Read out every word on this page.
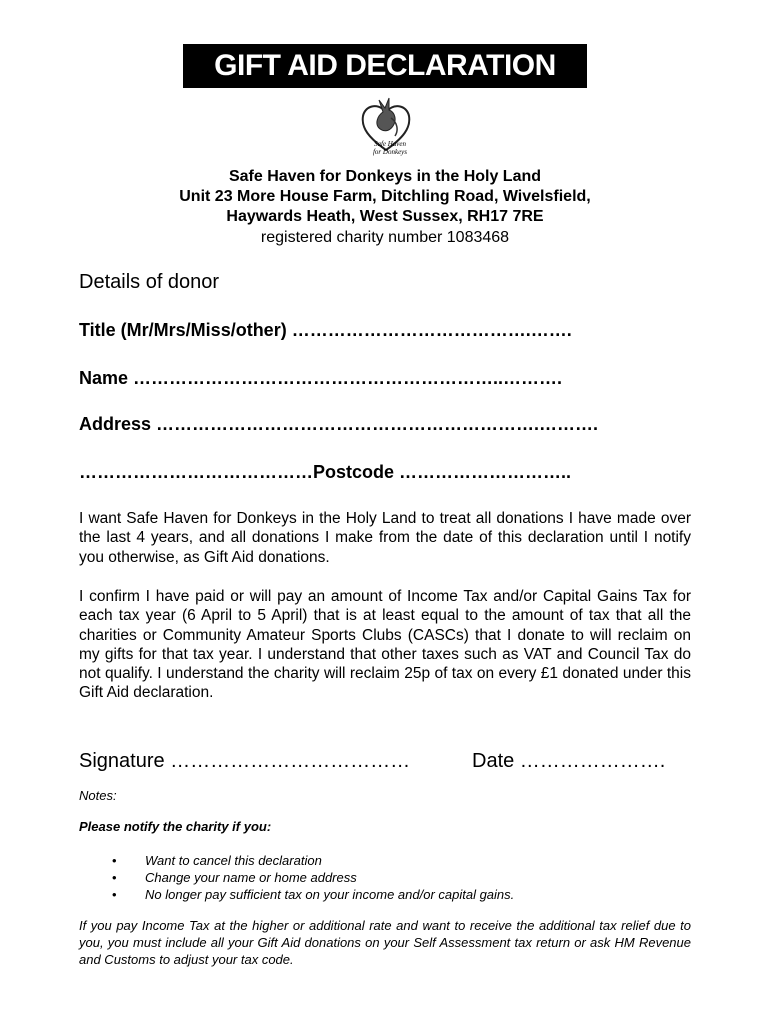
GIFT AID DECLARATION
Safe Haven
for Donkeys
Safe Haven for Donkeys in the Holy Land
Unit 23 More House Farm, Ditchling Road, Wivelsfield,
Haywards Heath, West Sussex, RH17 7RE
registered charity number 1083468
Details of donor
Title (Mr/Mrs/Miss/other) ………………………………….…….
Name ……………………………………………………..……….
Address ……………………………………………………….……….
…………………………………Postcode ………………………..
I want Safe Haven for Donkeys in the Holy Land to treat all donations I have made over the last 4 years, and all donations I make from the date of this declaration until I notify you otherwise, as Gift Aid donations.
I confirm I have paid or will pay an amount of Income Tax and/or Capital Gains Tax for each tax year (6 April to 5 April) that is at least equal to the amount of tax that all the charities or Community Amateur Sports Clubs (CASCs) that I donate to will reclaim on my gifts for that tax year. I understand that other taxes such as VAT and Council Tax do not qualify. I understand the charity will reclaim 25p of tax on every £1 donated under this Gift Aid declaration.
Signature ………………………………	Date ………………….
Notes:
Please notify the charity if you:
• Want to cancel this declaration
• Change your name or home address
• No longer pay sufficient tax on your income and/or capital gains.
If you pay Income Tax at the higher or additional rate and want to receive the additional tax relief due to you, you must include all your Gift Aid donations on your Self Assessment tax return or ask HM Revenue and Customs to adjust your tax code.
